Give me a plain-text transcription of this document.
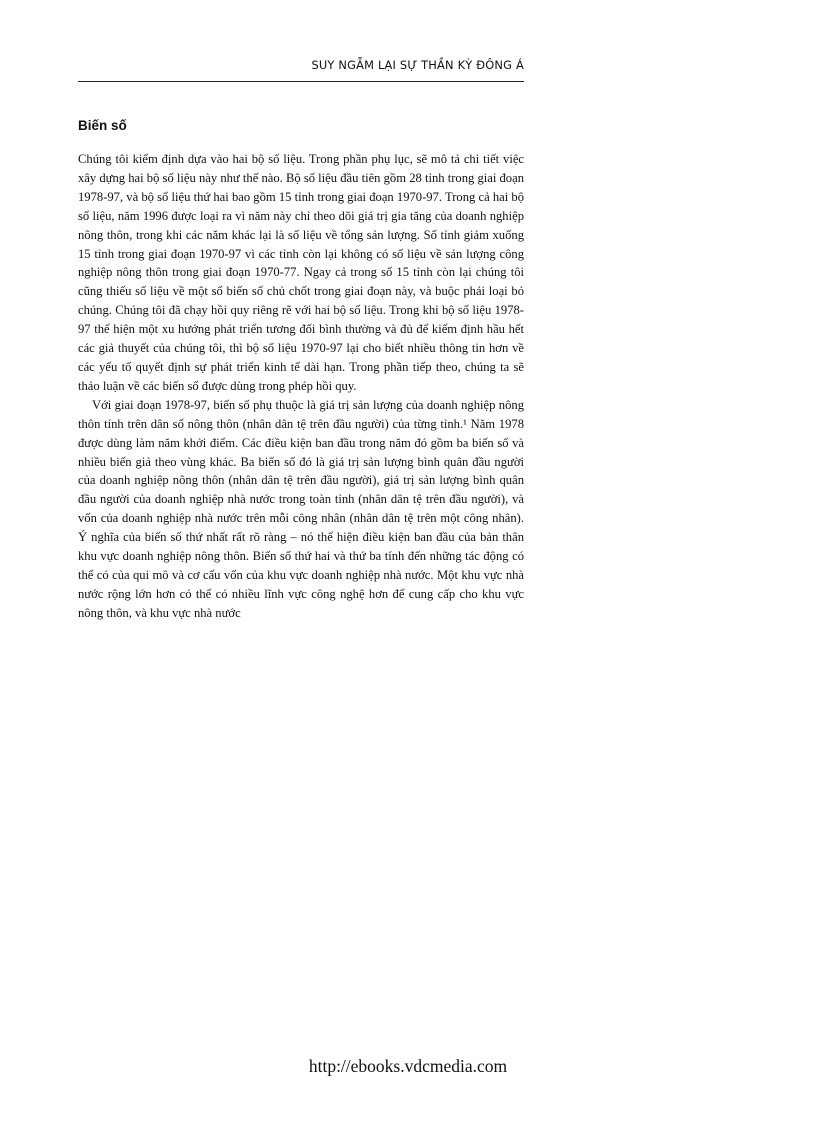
SUY NGẪM LẠI SỰ THẦN KỲ ĐÔNG Á
Biến số

Chúng tôi kiểm định dựa vào hai bộ số liệu. Trong phần phụ lục, sẽ mô tả chi tiết việc xây dựng hai bộ số liệu này như thế nào. Bộ số liệu đầu tiên gồm 28 tỉnh trong giai đoạn 1978-97, và bộ số liệu thứ hai bao gồm 15 tỉnh trong giai đoạn 1970-97. Trong cả hai bộ số liệu, năm 1996 được loại ra vì năm này chỉ theo dõi giá trị gia tăng của doanh nghiệp nông thôn, trong khi các năm khác lại là số liệu về tổng sản lượng. Số tỉnh giảm xuống 15 tỉnh trong giai đoạn 1970-97 vì các tỉnh còn lại không có số liệu về sản lượng công nghiệp nông thôn trong giai đoạn 1970-77. Ngay cả trong số 15 tỉnh còn lại chúng tôi cũng thiếu số liệu về một số biến số chủ chốt trong giai đoạn này, và buộc phải loại bỏ chúng. Chúng tôi đã chạy hồi quy riêng rẽ với hai bộ số liệu. Trong khi bộ số liệu 1978-97 thể hiện một xu hướng phát triển tương đối bình thường và đủ để kiểm định hầu hết các giả thuyết của chúng tôi, thì bộ số liệu 1970-97 lại cho biết nhiều thông tin hơn về các yếu tố quyết định sự phát triển kinh tế dài hạn. Trong phần tiếp theo, chúng ta sẽ thảo luận về các biến số được dùng trong phép hồi quy.

Với giai đoạn 1978-97, biến số phụ thuộc là giá trị sản lượng của doanh nghiệp nông thôn tính trên dân số nông thôn (nhân dân tệ trên đầu người) của từng tỉnh.¹ Năm 1978 được dùng làm năm khởi điểm. Các điều kiện ban đầu trong năm đó gồm ba biến số và nhiều biến giả theo vùng khác. Ba biến số đó là giá trị sản lượng bình quân đầu người của doanh nghiệp nông thôn (nhân dân tệ trên đầu người), giá trị sản lượng bình quân đầu người của doanh nghiệp nhà nước trong toàn tỉnh (nhân dân tệ trên đầu người), và vốn của doanh nghiệp nhà nước trên mỗi công nhân (nhân dân tệ trên một công nhân). Ý nghĩa của biến số thứ nhất rất rõ ràng – nó thể hiện điều kiện ban đầu của bản thân khu vực doanh nghiệp nông thôn. Biến số thứ hai và thứ ba tính đến những tác động có thể có của qui mô và cơ cấu vốn của khu vực doanh nghiệp nhà nước. Một khu vực nhà nước rộng lớn hơn có thể có nhiều lĩnh vực công nghệ hơn để cung cấp cho khu vực nông thôn, và khu vực nhà nước

http://ebooks.vdcmedia.com
